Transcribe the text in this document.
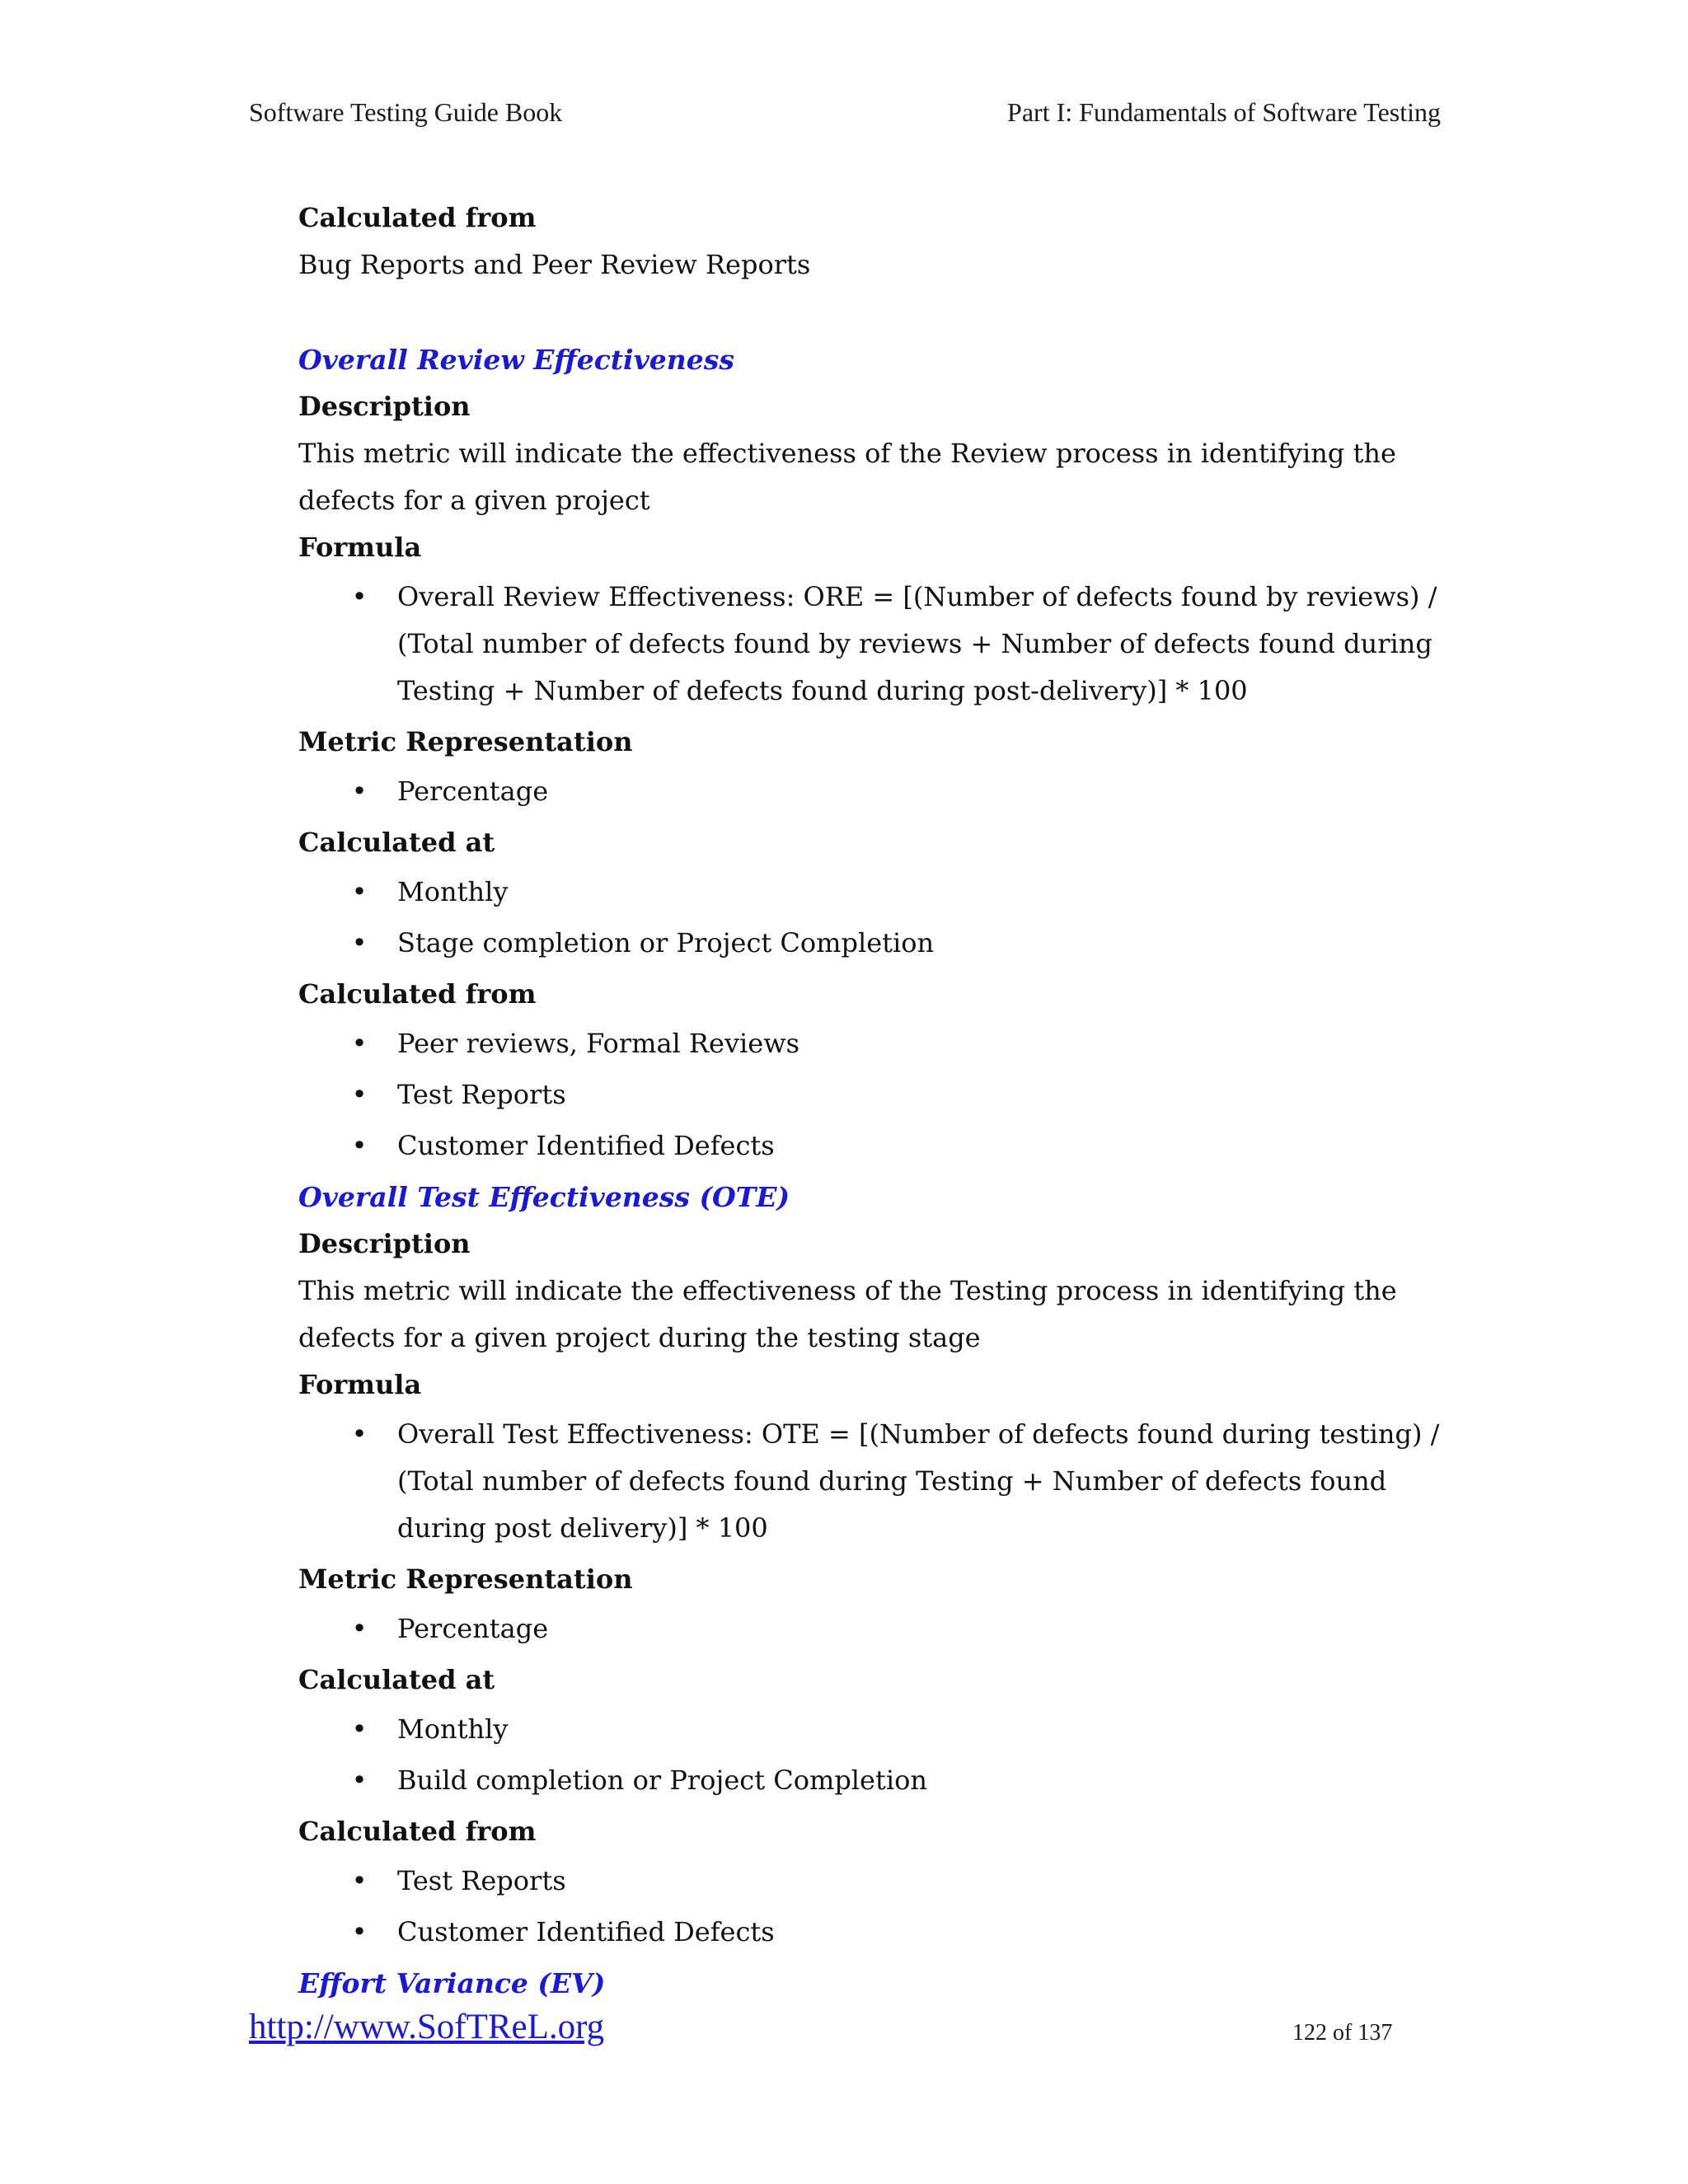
Software Testing Guide Book	Part I: Fundamentals of Software Testing
Calculated from
Bug Reports and Peer Review Reports
Overall Review Effectiveness
Description
This metric will indicate the effectiveness of the Review process in identifying the defects for a given project
Formula
• Overall Review Effectiveness: ORE = [(Number of defects found by reviews) / (Total number of defects found by reviews + Number of defects found during Testing + Number of defects found during post-delivery)] * 100
Metric Representation
• Percentage
Calculated at
• Monthly
• Stage completion or Project Completion
Calculated from
• Peer reviews, Formal Reviews
• Test Reports
• Customer Identified Defects
Overall Test Effectiveness (OTE)
Description
This metric will indicate the effectiveness of the Testing process in identifying the defects for a given project during the testing stage
Formula
• Overall Test Effectiveness: OTE = [(Number of defects found during testing) / (Total number of defects found during Testing + Number of defects found during post delivery)] * 100
Metric Representation
• Percentage
Calculated at
• Monthly
• Build completion or Project Completion
Calculated from
• Test Reports
• Customer Identified Defects
Effort Variance (EV)
http://www.SofTReL.org	122 of 137
